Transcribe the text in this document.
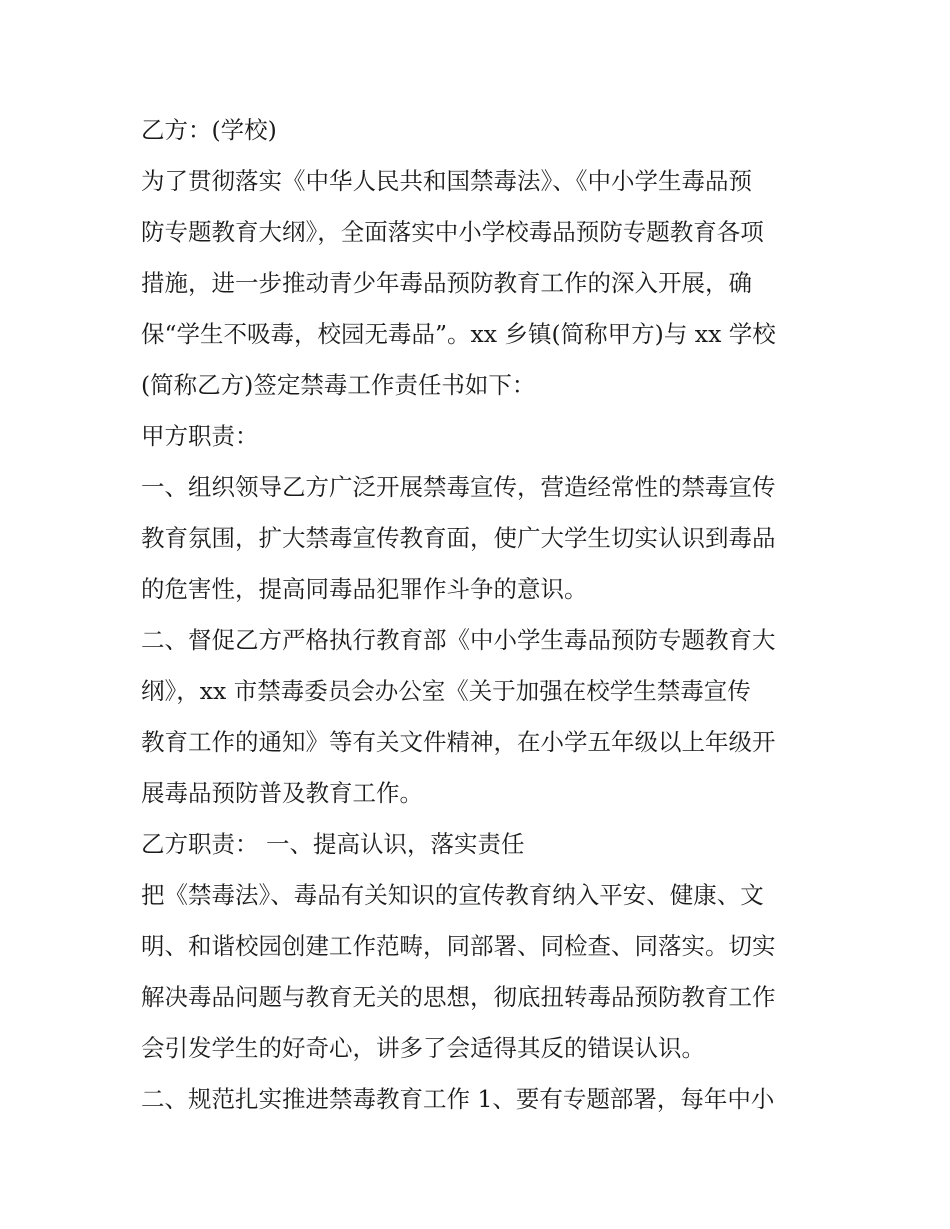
乙方：(学校)
为了贯彻落实《中华人民共和国禁毒法》、《中小学生毒品预
防专题教育大纲》，全面落实中小学校毒品预防专题教育各项
措施，进一步推动青少年毒品预防教育工作的深入开展，确
保“学生不吸毒，校园无毒品”。xx 乡镇(简称甲方)与 xx 学校
(简称乙方)签定禁毒工作责任书如下：
甲方职责：
一、组织领导乙方广泛开展禁毒宣传，营造经常性的禁毒宣传
教育氛围，扩大禁毒宣传教育面，使广大学生切实认识到毒品
的危害性，提高同毒品犯罪作斗争的意识。
二、督促乙方严格执行教育部《中小学生毒品预防专题教育大
纲》，xx 市禁毒委员会办公室《关于加强在校学生禁毒宣传
教育工作的通知》等有关文件精神，在小学五年级以上年级开
展毒品预防普及教育工作。
乙方职责： 一、提高认识，落实责任
把《禁毒法》、毒品有关知识的宣传教育纳入平安、健康、文
明、和谐校园创建工作范畴，同部署、同检查、同落实。切实
解决毒品问题与教育无关的思想，彻底扭转毒品预防教育工作
会引发学生的好奇心，讲多了会适得其反的错误认识。
二、规范扎实推进禁毒教育工作 1、要有专题部署，每年中小
